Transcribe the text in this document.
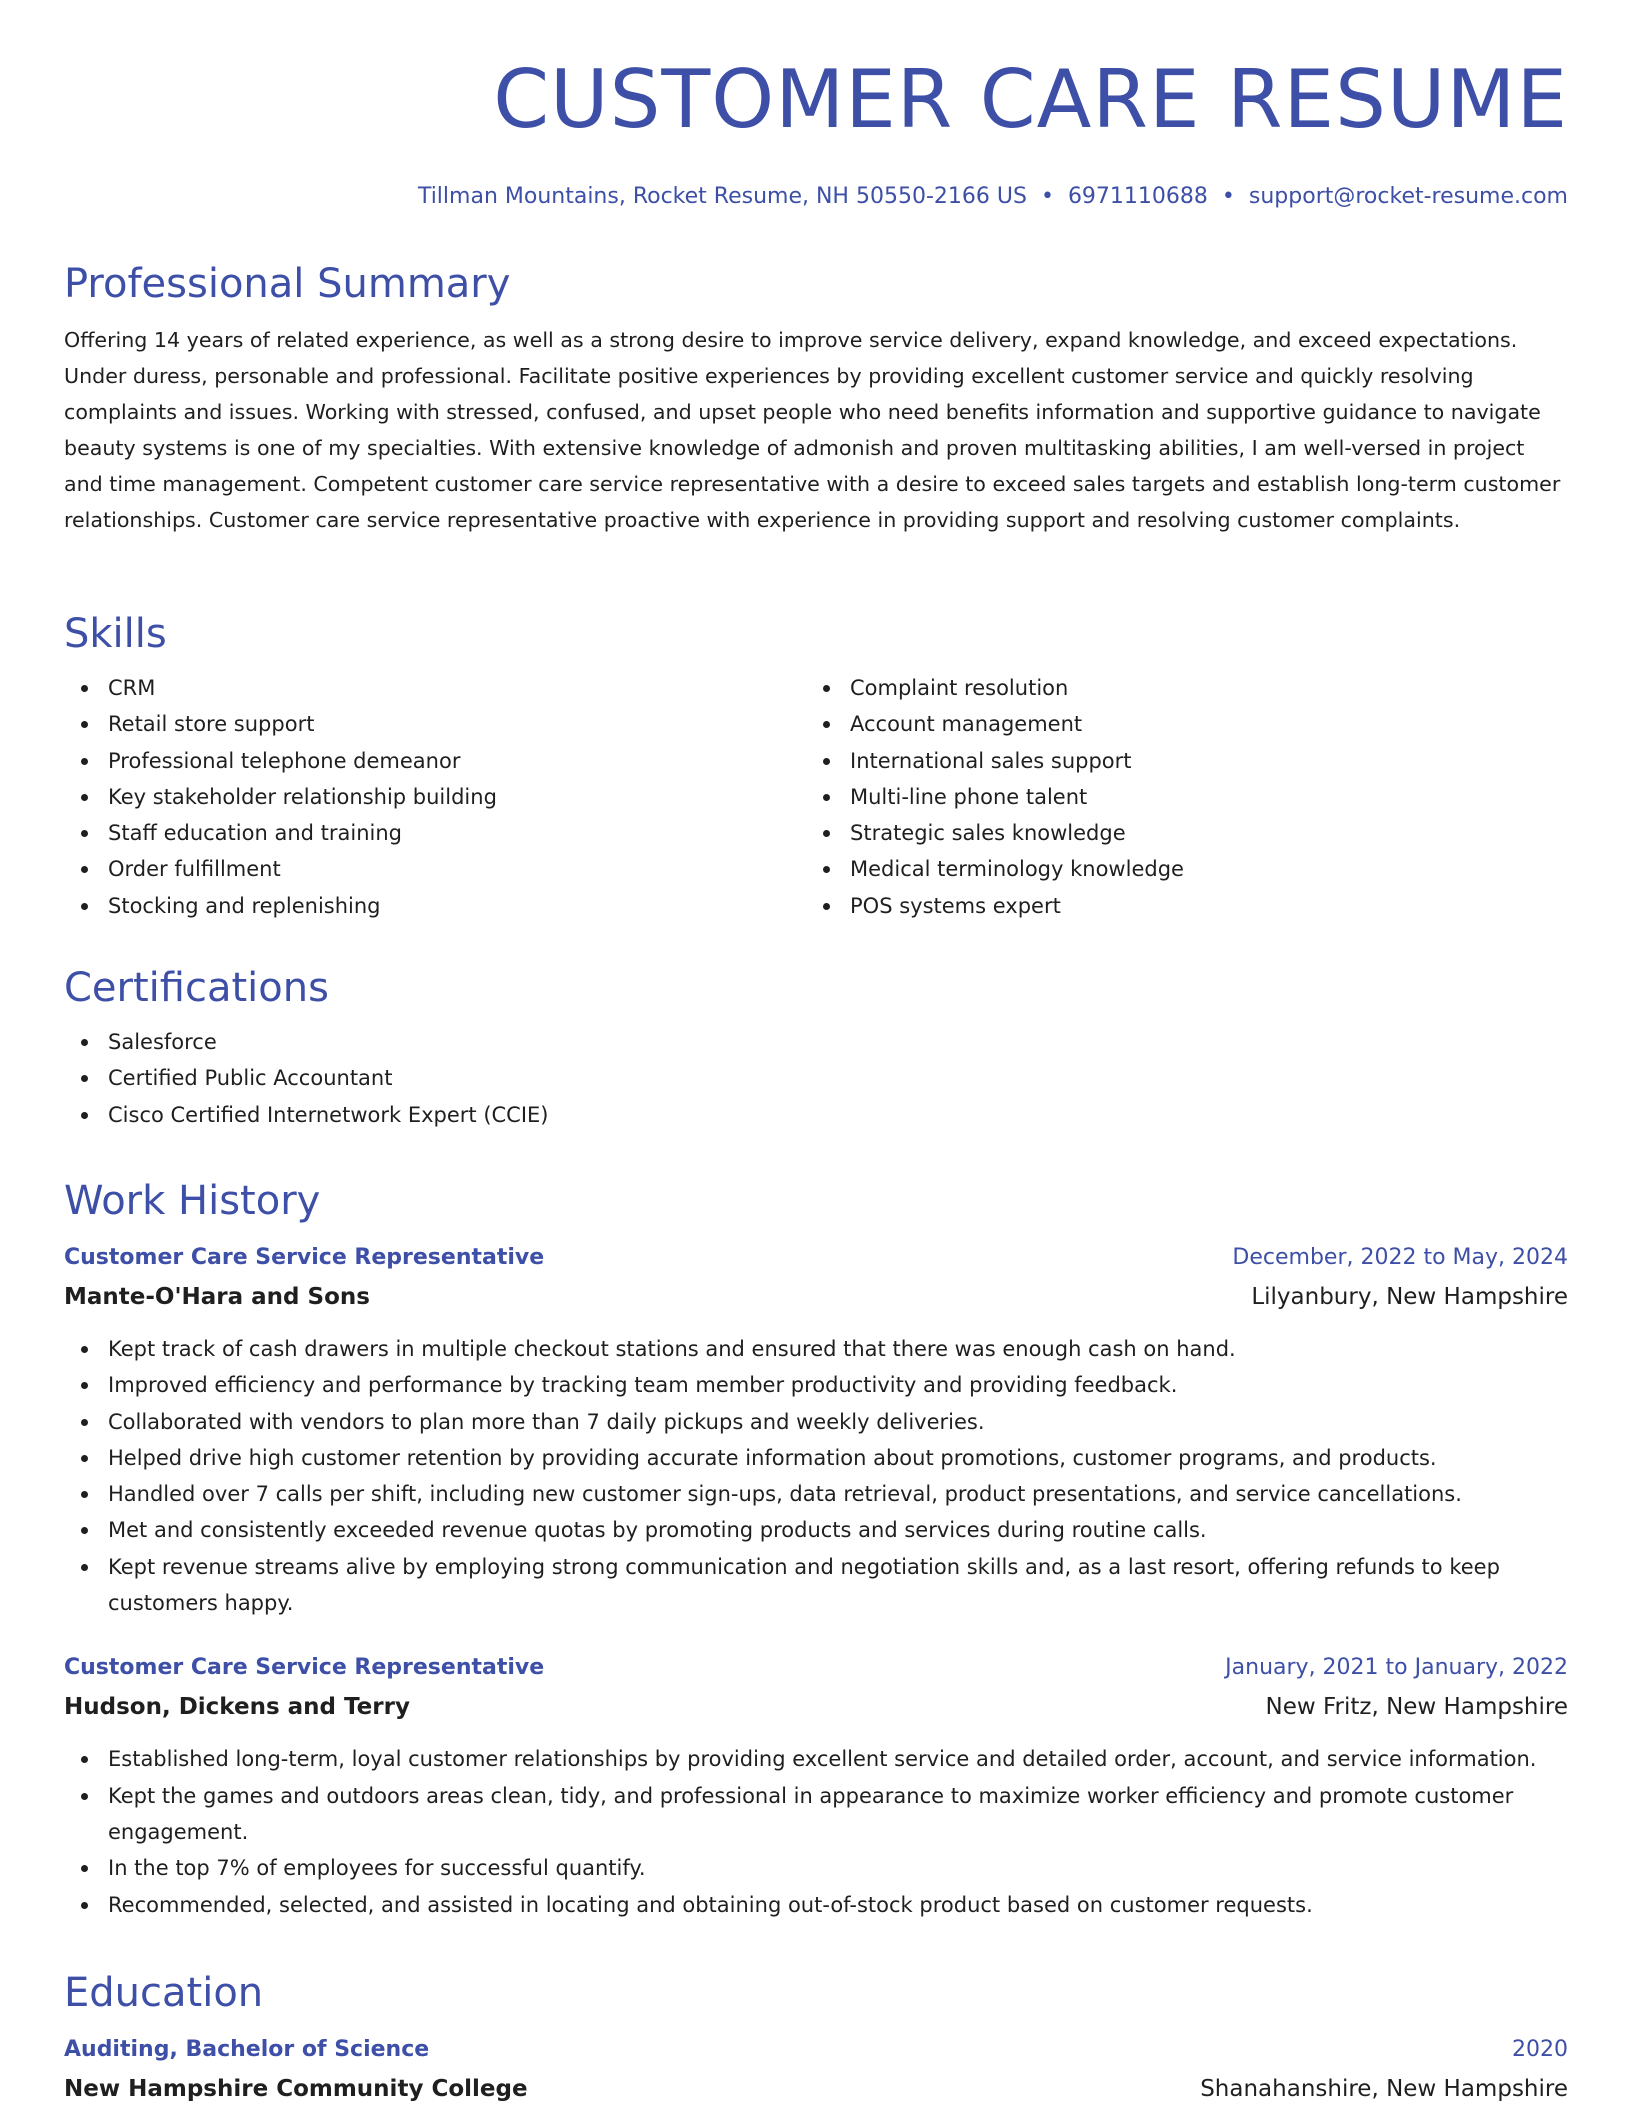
CUSTOMER CARE RESUME
Tillman Mountains, Rocket Resume, NH 50550-2166 US • 6971110688 • support@rocket-resume.com
Professional Summary

Offering 14 years of related experience, as well as a strong desire to improve service delivery, expand knowledge, and exceed expectations. Under duress, personable and professional. Facilitate positive experiences by providing excellent customer service and quickly resolving complaints and issues. Working with stressed, confused, and upset people who need benefits information and supportive guidance to navigate beauty systems is one of my specialties. With extensive knowledge of admonish and proven multitasking abilities, I am well-versed in project and time management. Competent customer care service representative with a desire to exceed sales targets and establish long-term customer relationships. Customer care service representative proactive with experience in providing support and resolving customer complaints.

Skills
CRM
Retail store support
Professional telephone demeanor
Key stakeholder relationship building
Staff education and training
Order fulfillment
Stocking and replenishing
Complaint resolution
Account management
International sales support
Multi-line phone talent
Strategic sales knowledge
Medical terminology knowledge
POS systems expert
Certifications
Salesforce
Certified Public Accountant
Cisco Certified Internetwork Expert (CCIE)
Work History
Customer Care Service Representative	December, 2022 to May, 2024
Mante-O'Hara and Sons	Lilyanbury, New Hampshire
Kept track of cash drawers in multiple checkout stations and ensured that there was enough cash on hand.
Improved efficiency and performance by tracking team member productivity and providing feedback.
Collaborated with vendors to plan more than 7 daily pickups and weekly deliveries.
Helped drive high customer retention by providing accurate information about promotions, customer programs, and products.
Handled over 7 calls per shift, including new customer sign-ups, data retrieval, product presentations, and service cancellations.
Met and consistently exceeded revenue quotas by promoting products and services during routine calls.
Kept revenue streams alive by employing strong communication and negotiation skills and, as a last resort, offering refunds to keep customers happy.
Customer Care Service Representative	January, 2021 to January, 2022
Hudson, Dickens and Terry	New Fritz, New Hampshire
Established long-term, loyal customer relationships by providing excellent service and detailed order, account, and service information.
Kept the games and outdoors areas clean, tidy, and professional in appearance to maximize worker efficiency and promote customer engagement.
In the top 7% of employees for successful quantify.
Recommended, selected, and assisted in locating and obtaining out-of-stock product based on customer requests.
Education
Auditing, Bachelor of Science	2020
New Hampshire Community College	Shanahanshire, New Hampshire
